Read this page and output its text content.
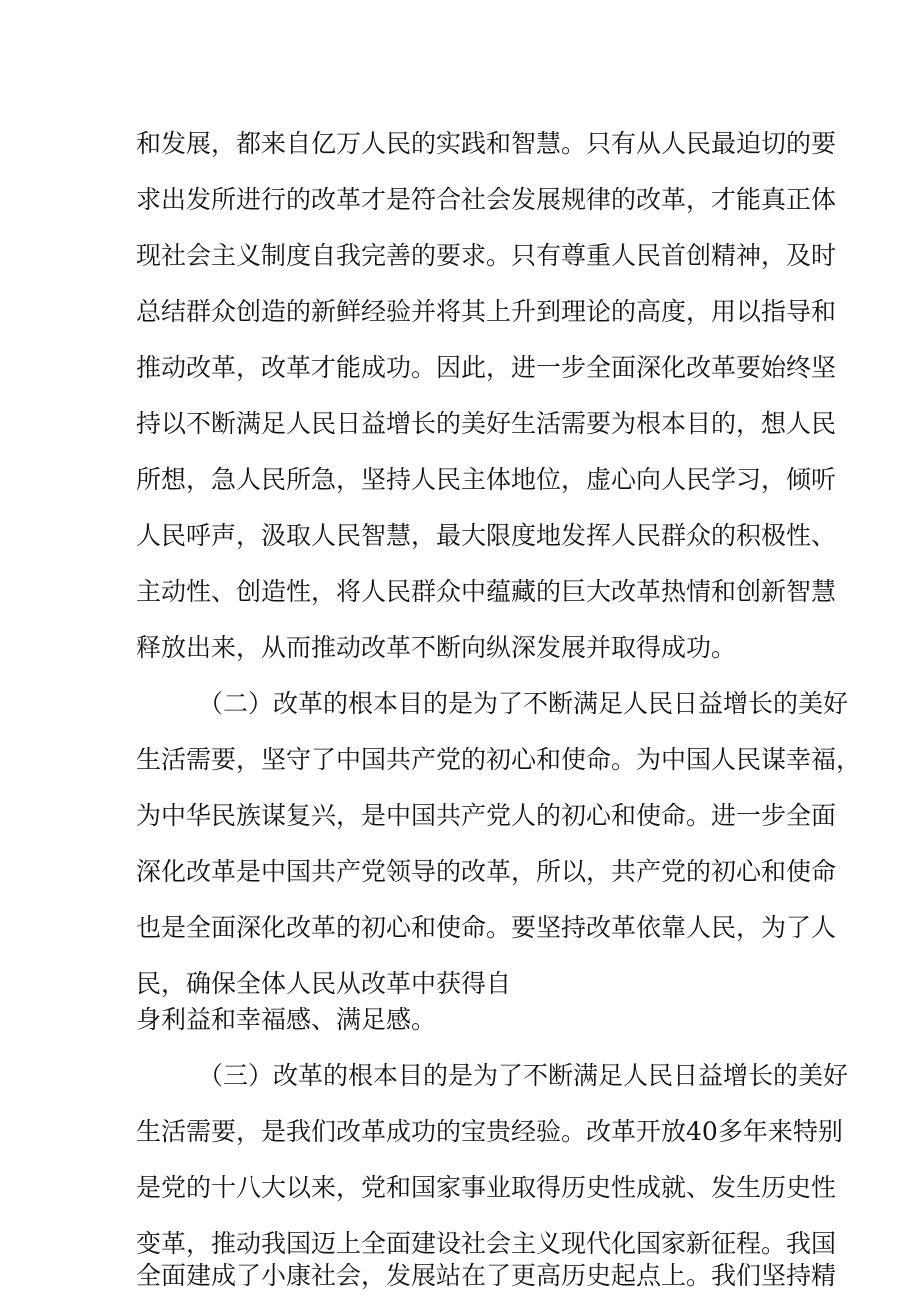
和发展，都来自亿万人民的实践和智慧。只有从人民最迫切的要
求出发所进行的改革才是符合社会发展规律的改革，才能真正体
现社会主义制度自我完善的要求。只有尊重人民首创精神，及时
总结群众创造的新鲜经验并将其上升到理论的高度，用以指导和
推动改革，改革才能成功。因此，进一步全面深化改革要始终坚
持以不断满足人民日益增长的美好生活需要为根本目的，想人民
所想，急人民所急，坚持人民主体地位，虚心向人民学习，倾听
人民呼声，汲取人民智慧，最大限度地发挥人民群众的积极性、
主动性、创造性，将人民群众中蕴藏的巨大改革热情和创新智慧
释放出来，从而推动改革不断向纵深发展并取得成功。
（二）改革的根本目的是为了不断满足人民日益增长的美好
生活需要，坚守了中国共产党的初心和使命。为中国人民谋幸福，
为中华民族谋复兴，是中国共产党人的初心和使命。进一步全面
深化改革是中国共产党领导的改革，所以，共产党的初心和使命
也是全面深化改革的初心和使命。要坚持改革依靠人民，为了人
民，确保全体人民从改革中获得自
身利益和幸福感、满足感。
（三）改革的根本目的是为了不断满足人民日益增长的美好
生活需要，是我们改革成功的宝贵经验。改革开放40多年来特别
是党的十八大以来，党和国家事业取得历史性成就、发生历史性
变革，推动我国迈上全面建设社会主义现代化国家新征程。我国
全面建成了小康社会，发展站在了更高历史起点上。我们坚持精
